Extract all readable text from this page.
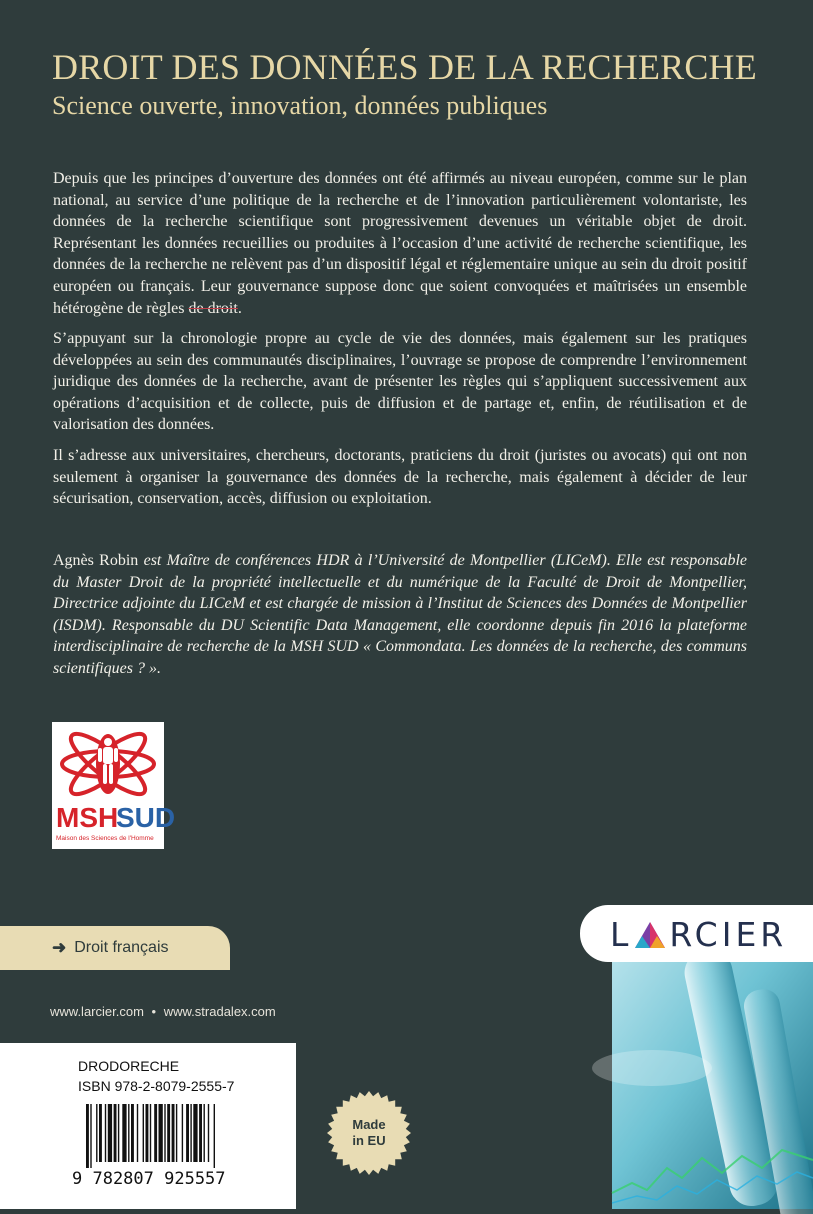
DROIT DES DONNÉES DE LA RECHERCHE
Science ouverte, innovation, données publiques

Depuis que les principes d’ouverture des données ont été affirmés au niveau européen, comme sur le plan national, au service d’une politique de la recherche et de l’innovation particulièrement volontariste, les données de la recherche scientifique sont progressivement devenues un véritable objet de droit. Représentant les données recueillies ou produites à l’occasion d’une activité de recherche scientifique, les données de la recherche ne relèvent pas d’un dispositif légal et réglementaire unique au sein du droit positif européen ou français. Leur gouvernance suppose donc que soient convoquées et maîtrisées un ensemble hétérogène de règles de droit.

S’appuyant sur la chronologie propre au cycle de vie des données, mais également sur les pratiques développées au sein des communautés disciplinaires, l’ouvrage se propose de comprendre l’environnement juridique des données de la recherche, avant de présenter les règles qui s’appliquent successivement aux opérations d’acquisition et de collecte, puis de diffusion et de partage et, enfin, de réutilisation et de valorisation des données.

Il s’adresse aux universitaires, chercheurs, doctorants, praticiens du droit (juristes ou avocats) qui ont non seulement à organiser la gouvernance des données de la recherche, mais également à décider de leur sécurisation, conservation, accès, diffusion ou exploitation.

Agnès Robin est Maître de conférences HDR à l’Université de Montpellier (LICeM). Elle est responsable du Master Droit de la propriété intellectuelle et du numérique de la Faculté de Droit de Montpellier, Directrice adjointe du LICeM et est chargée de mission à l’Institut de Sciences des Données de Montpellier (ISDM). Responsable du DU Scientific Data Management, elle coordonne depuis fin 2016 la plateforme interdisciplinaire de recherche de la MSH SUD « Commondata. Les données de la recherche, des communs scientifiques ? ».

MSH
SUD
Maison des Sciences de l'Homme
➜ Droit français
www.larcier.com • www.stradalex.com
L RCIER
DRODORECHE
ISBN 978-2-8079-2555-7
9 782807 925557
Made
in EU
